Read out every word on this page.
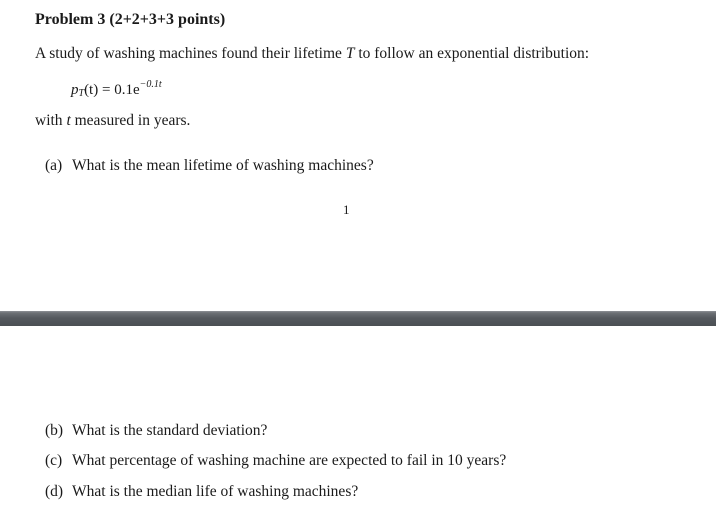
Problem 3 (2+2+3+3 points)
A study of washing machines found their lifetime T to follow an exponential distribution:
$p_T(t) = 0.1e^{-0.1t}$
with t measured in years.
(a) What is the mean lifetime of washing machines?
1
(b) What is the standard deviation?
(c) What percentage of washing machine are expected to fail in 10 years?
(d) What is the median life of washing machines?
